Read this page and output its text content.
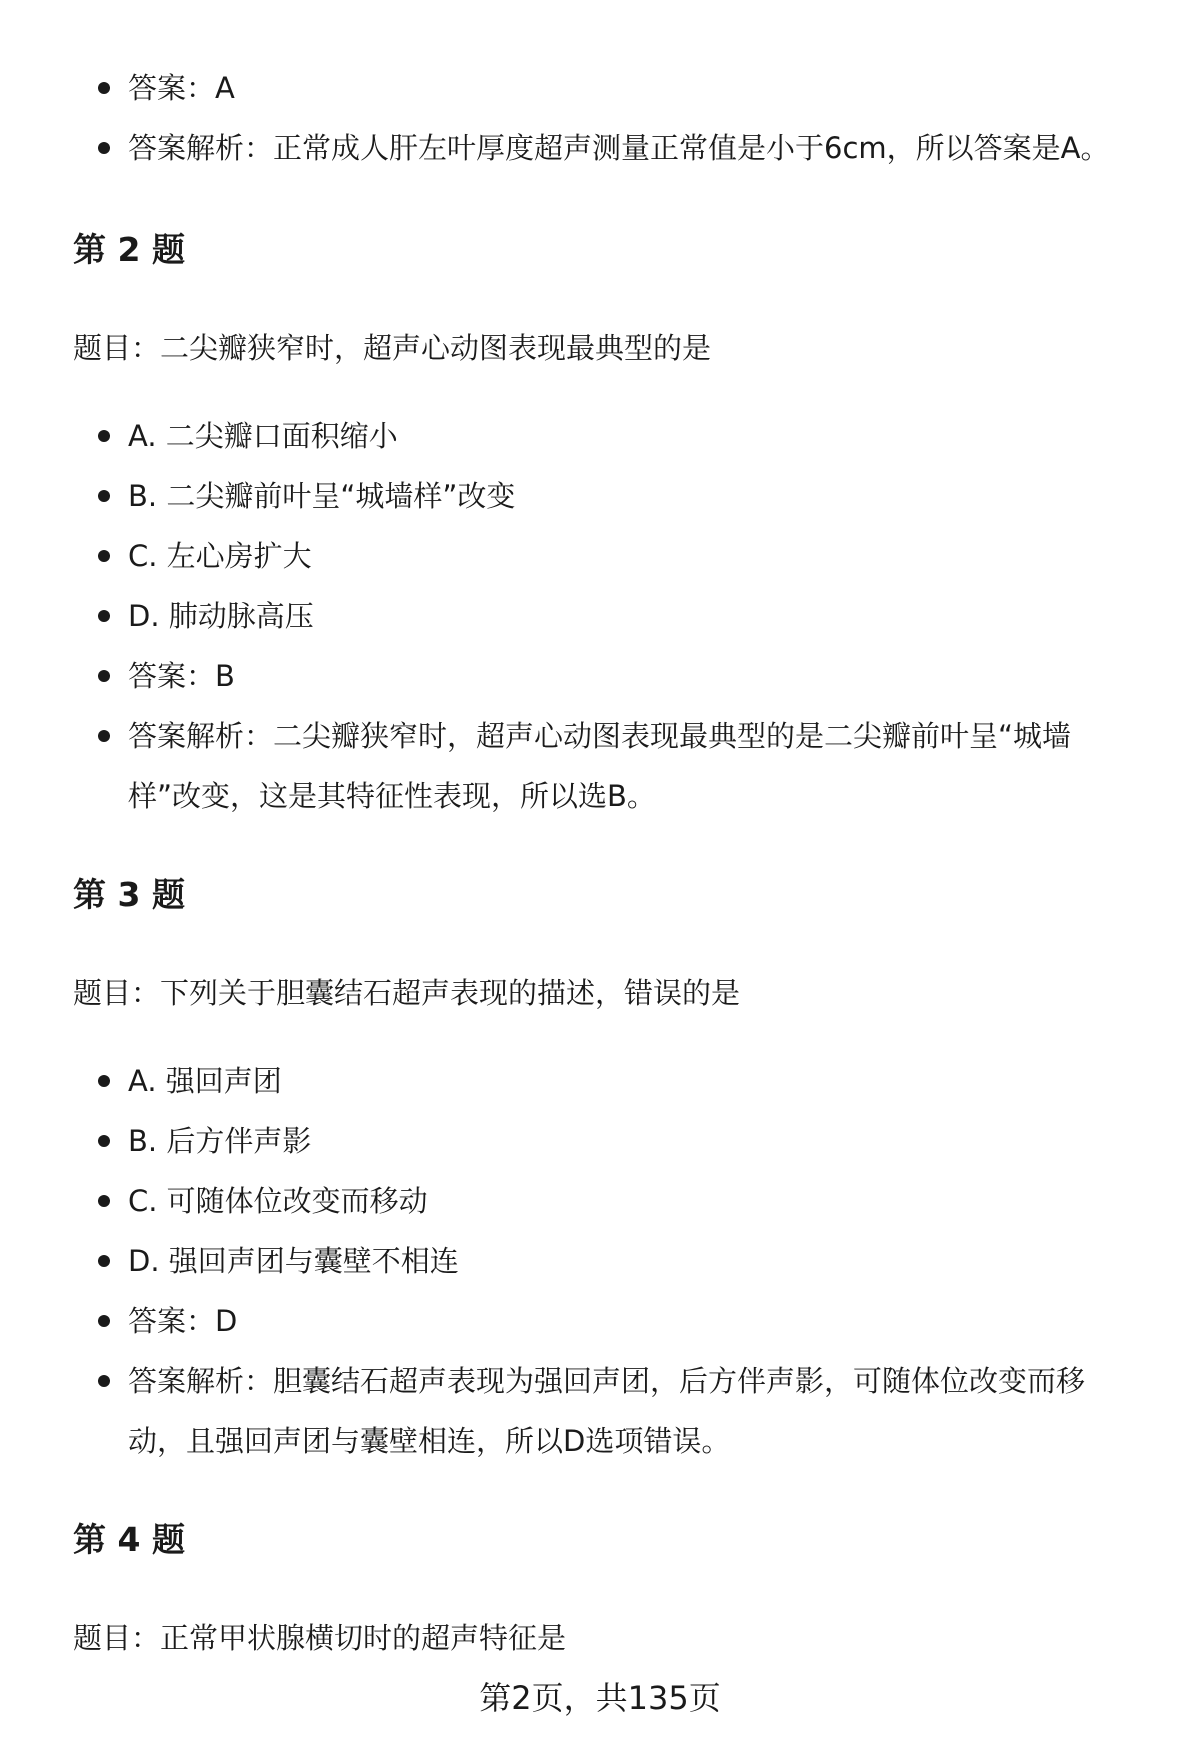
答案：A
答案解析：正常成人肝左叶厚度超声测量正常值是小于6cm，所以答案是A。
第 2 题

题目：二尖瓣狭窄时，超声心动图表现最典型的是

A. 二尖瓣口面积缩小
B. 二尖瓣前叶呈“城墙样”改变
C. 左心房扩大
D. 肺动脉高压
答案：B
答案解析：二尖瓣狭窄时，超声心动图表现最典型的是二尖瓣前叶呈“城墙样”改变，这是其特征性表现，所以选B。
第 3 题

题目：下列关于胆囊结石超声表现的描述，错误的是

A. 强回声团
B. 后方伴声影
C. 可随体位改变而移动
D. 强回声团与囊壁不相连
答案：D
答案解析：胆囊结石超声表现为强回声团，后方伴声影，可随体位改变而移动，且强回声团与囊壁相连，所以D选项错误。
第 4 题

题目：正常甲状腺横切时的超声特征是

第2页，共135页
